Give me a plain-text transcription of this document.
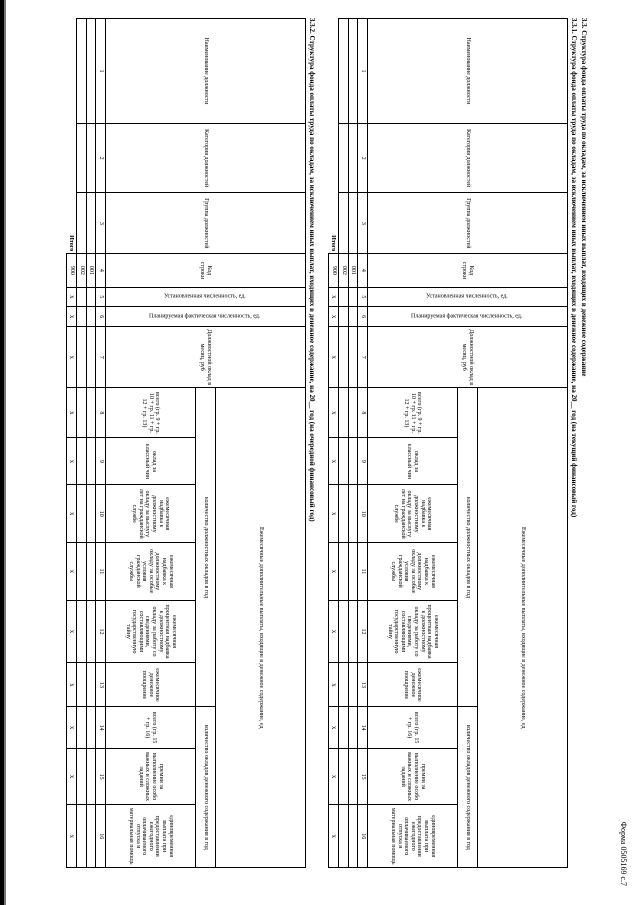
Форма 0505169 с.7
3.3. Структура фонда оплаты труда по окладам, за исключением иных выплат, входящих в денежное содержание
3.3.1. Структура фонда оплаты труда по окладам, за исключением иных выплат, входящих в денежное содержание, на 20__ год (на текущий финансовый год)
Наименование должности	Категория должностей	Группа должностей	Код строки	Установленная численность, ед.	Планируемая фактическая численность, ед.	Должностной оклад в месяц, руб	Ежемесячные дополнительные выплаты, входящие в денежное содержание, ед								
							количество должностных окладов в год						количество окладов денежного содержания в год		
							всего (гр. 9 + гр. 10 + гр. 11 + гр. 12 + гр. 13)	оклад за классный чин	ежемесячная надбавка к должностному окладу за выслугу лет на гражданской службе	ежемесячная надбавка к должностному окладу за особые условия гражданской службы	ежемесячная процентная надбавка к должностному окладу за работу со сведениями, составляющими государственную тайну	ежемесячное денежное поощрение	всего (гр. 15 + гр. 16)	премии за выполнение особо важных и сложных заданий	единовременная выплата при предоставлении ежегодного оплачиваемого отпуска и материальная помощь
1	2	3	4	5	6	7	8	9	10	11	12	13	14	15	16
			001												
			002												
Итого			900	x	x	x	x	x	x	x	x	x	x	x	x
3.3.2. Структура фонда оплаты труда по окладам, за исключением иных выплат, входящих в денежное содержание, на 20__ год (на очередной финансовый год)
Наименование должности	Категория должностей	Группа должностей	Код строки	Установленная численность, ед.	Планируемая фактическая численность, ед.	Должностной оклад в месяц, руб	Ежемесячные дополнительные выплаты, входящие в денежное содержание, ед								
							количество должностных окладов в год						количество окладов денежного содержания в год		
							всего (гр. 9 + гр. 10 + гр. 11 + гр. 12 + гр. 13)	оклад за классный чин	ежемесячная надбавка к должностному окладу за выслугу лет на гражданской службе	ежемесячная надбавка к должностному окладу за особые условия гражданской службы	ежемесячная процентная надбавка к должностному окладу за работу со сведениями, составляющими государственную тайну	ежемесячное денежное поощрение	всего (гр. 15 + гр. 16)	премии за выполнение особо важных и сложных заданий	единовременная выплата при предоставлении ежегодного оплачиваемого отпуска и материальная помощь
1	2	3	4	5	6	7	8	9	10	11	12	13	14	15	16
			001												
			002												
Итого			900	x	x	x	x	x	x	x	x	x	x	x	x
